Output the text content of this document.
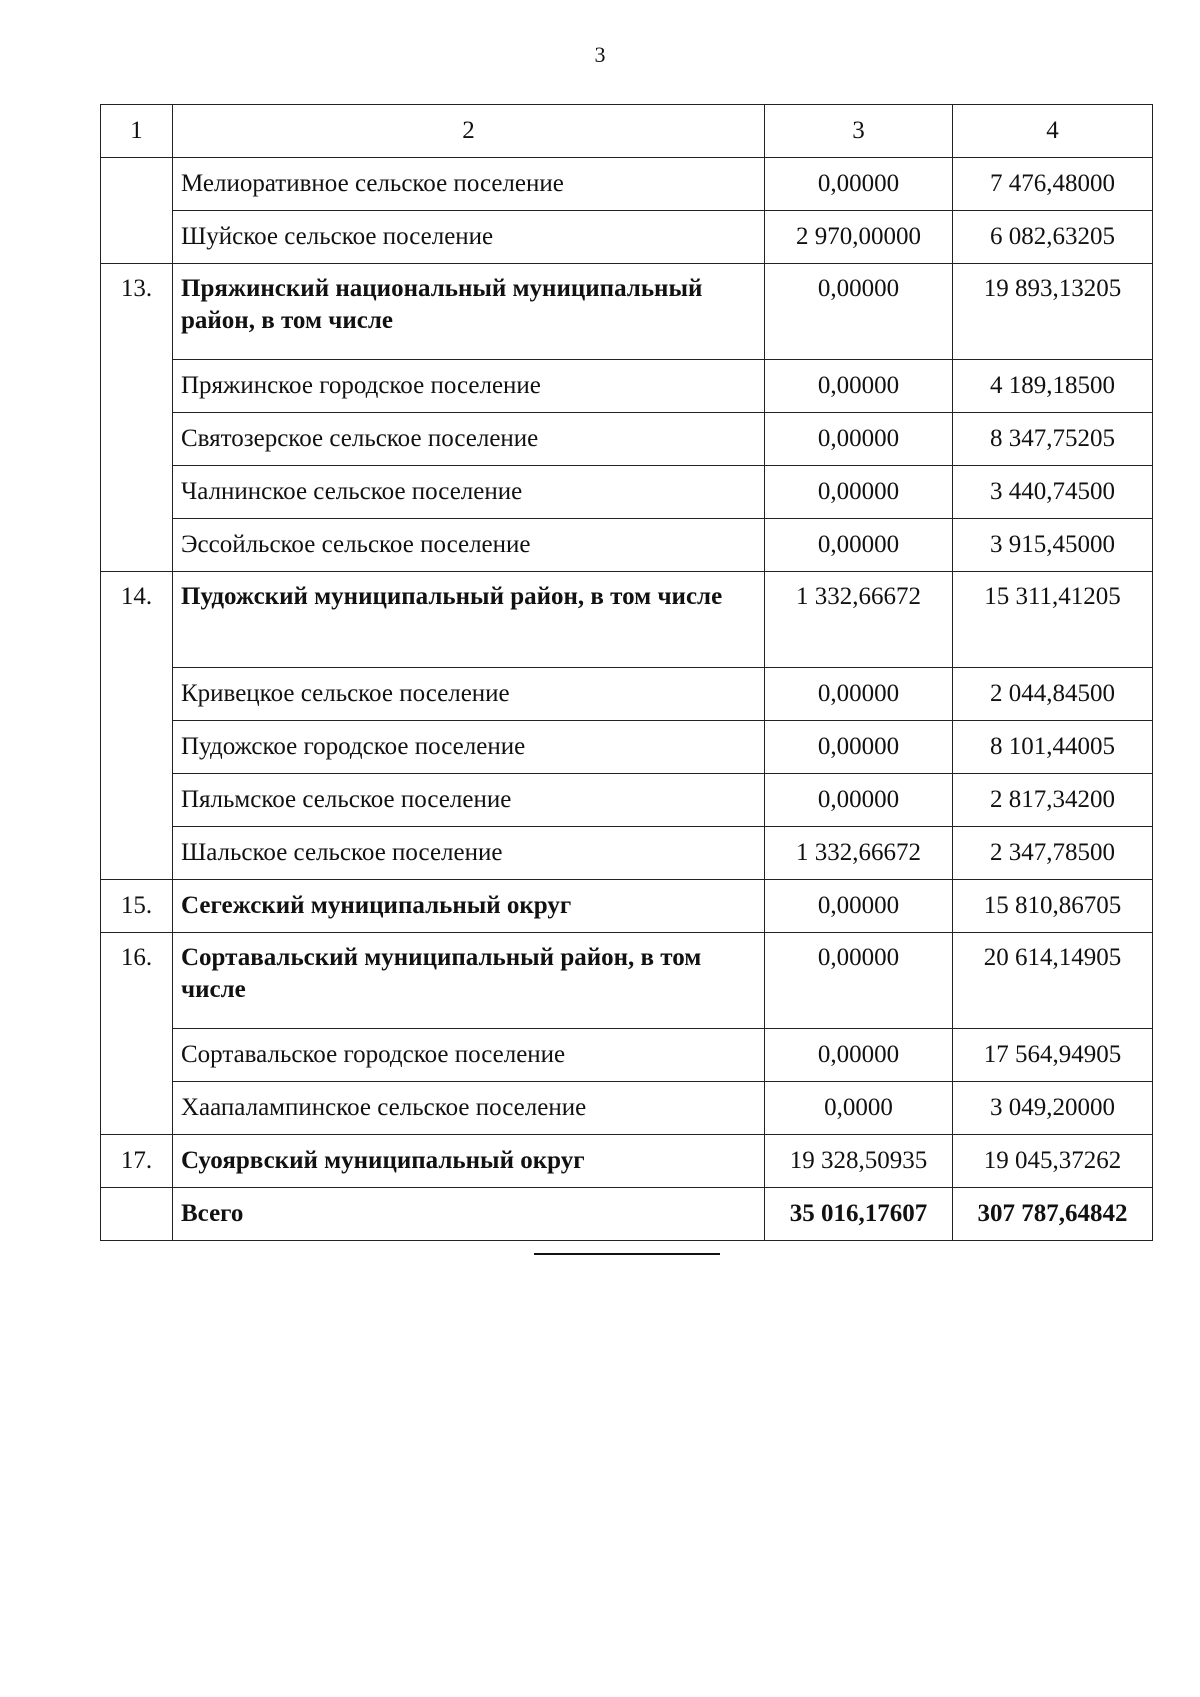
3
1	2	3	4
	Мелиоративное сельское поселение	0,00000	7 476,48000
	Шуйское сельское поселение	2 970,00000	6 082,63205
13.	Пряжинский национальный муниципальный район, в том числе	0,00000	19 893,13205
	Пряжинское городское поселение	0,00000	4 189,18500
	Святозерское сельское поселение	0,00000	8 347,75205
	Чалнинское сельское поселение	0,00000	3 440,74500
	Эссойльское сельское поселение	0,00000	3 915,45000
14.	Пудожский муниципальный район, в том числе	1 332,66672	15 311,41205
	Кривецкое сельское поселение	0,00000	2 044,84500
	Пудожское городское поселение	0,00000	8 101,44005
	Пяльмское сельское поселение	0,00000	2 817,34200
	Шальское сельское поселение	1 332,66672	2 347,78500
15.	Сегежский муниципальный округ	0,00000	15 810,86705
16.	Сортавальский муниципальный район, в том числе	0,00000	20 614,14905
	Сортавальское городское поселение	0,00000	17 564,94905
	Хаапалампинское сельское поселение	0,0000	3 049,20000
17.	Суоярвский муниципальный округ	19 328,50935	19 045,37262
	Всего	35 016,17607	307 787,64842
